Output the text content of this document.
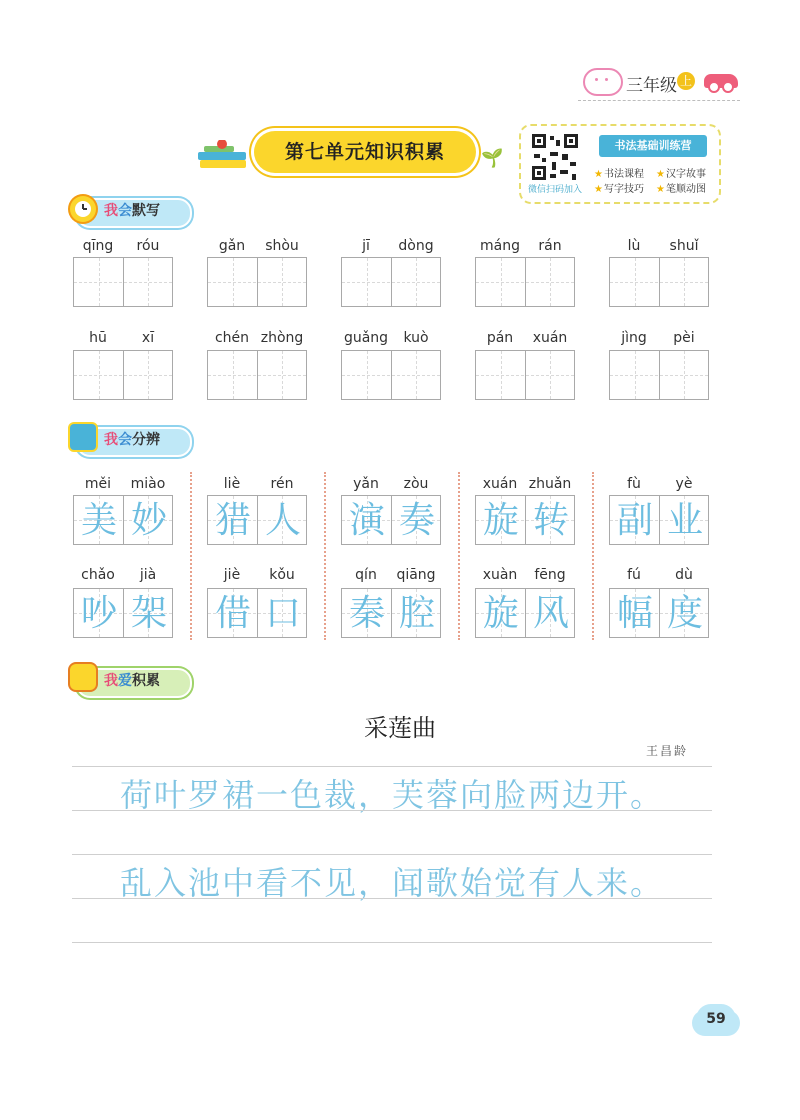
三年级 上
第七单元知识积累	🌱
微信扫码加入
书法基础训练营
★书法课程 ★汉字故事
★写字技巧 ★笔顺动图
我会默写
qīng	róu	gǎn	shòu	jī	dòng	máng	rán	lù	shuǐ
hū	xī	chén zhòng	guǎng	kuò	pán	xuán	jìng	pèi
我会分辨
měi	miào
美 妙
liè	rén
猎 人
yǎn	zòu
演 奏
xuán zhuǎn
旋 转
fù	yè
副 业
chǎo	jià
吵 架
jiè	kǒu
借 口
qín	qiāng
秦 腔
xuàn	fēng
旋 风
fú	dù
幅 度
我爱积累
采莲曲
王昌龄
荷叶罗裙一色裁，芙蓉向脸两边开。
乱入池中看不见，闻歌始觉有人来。
59
